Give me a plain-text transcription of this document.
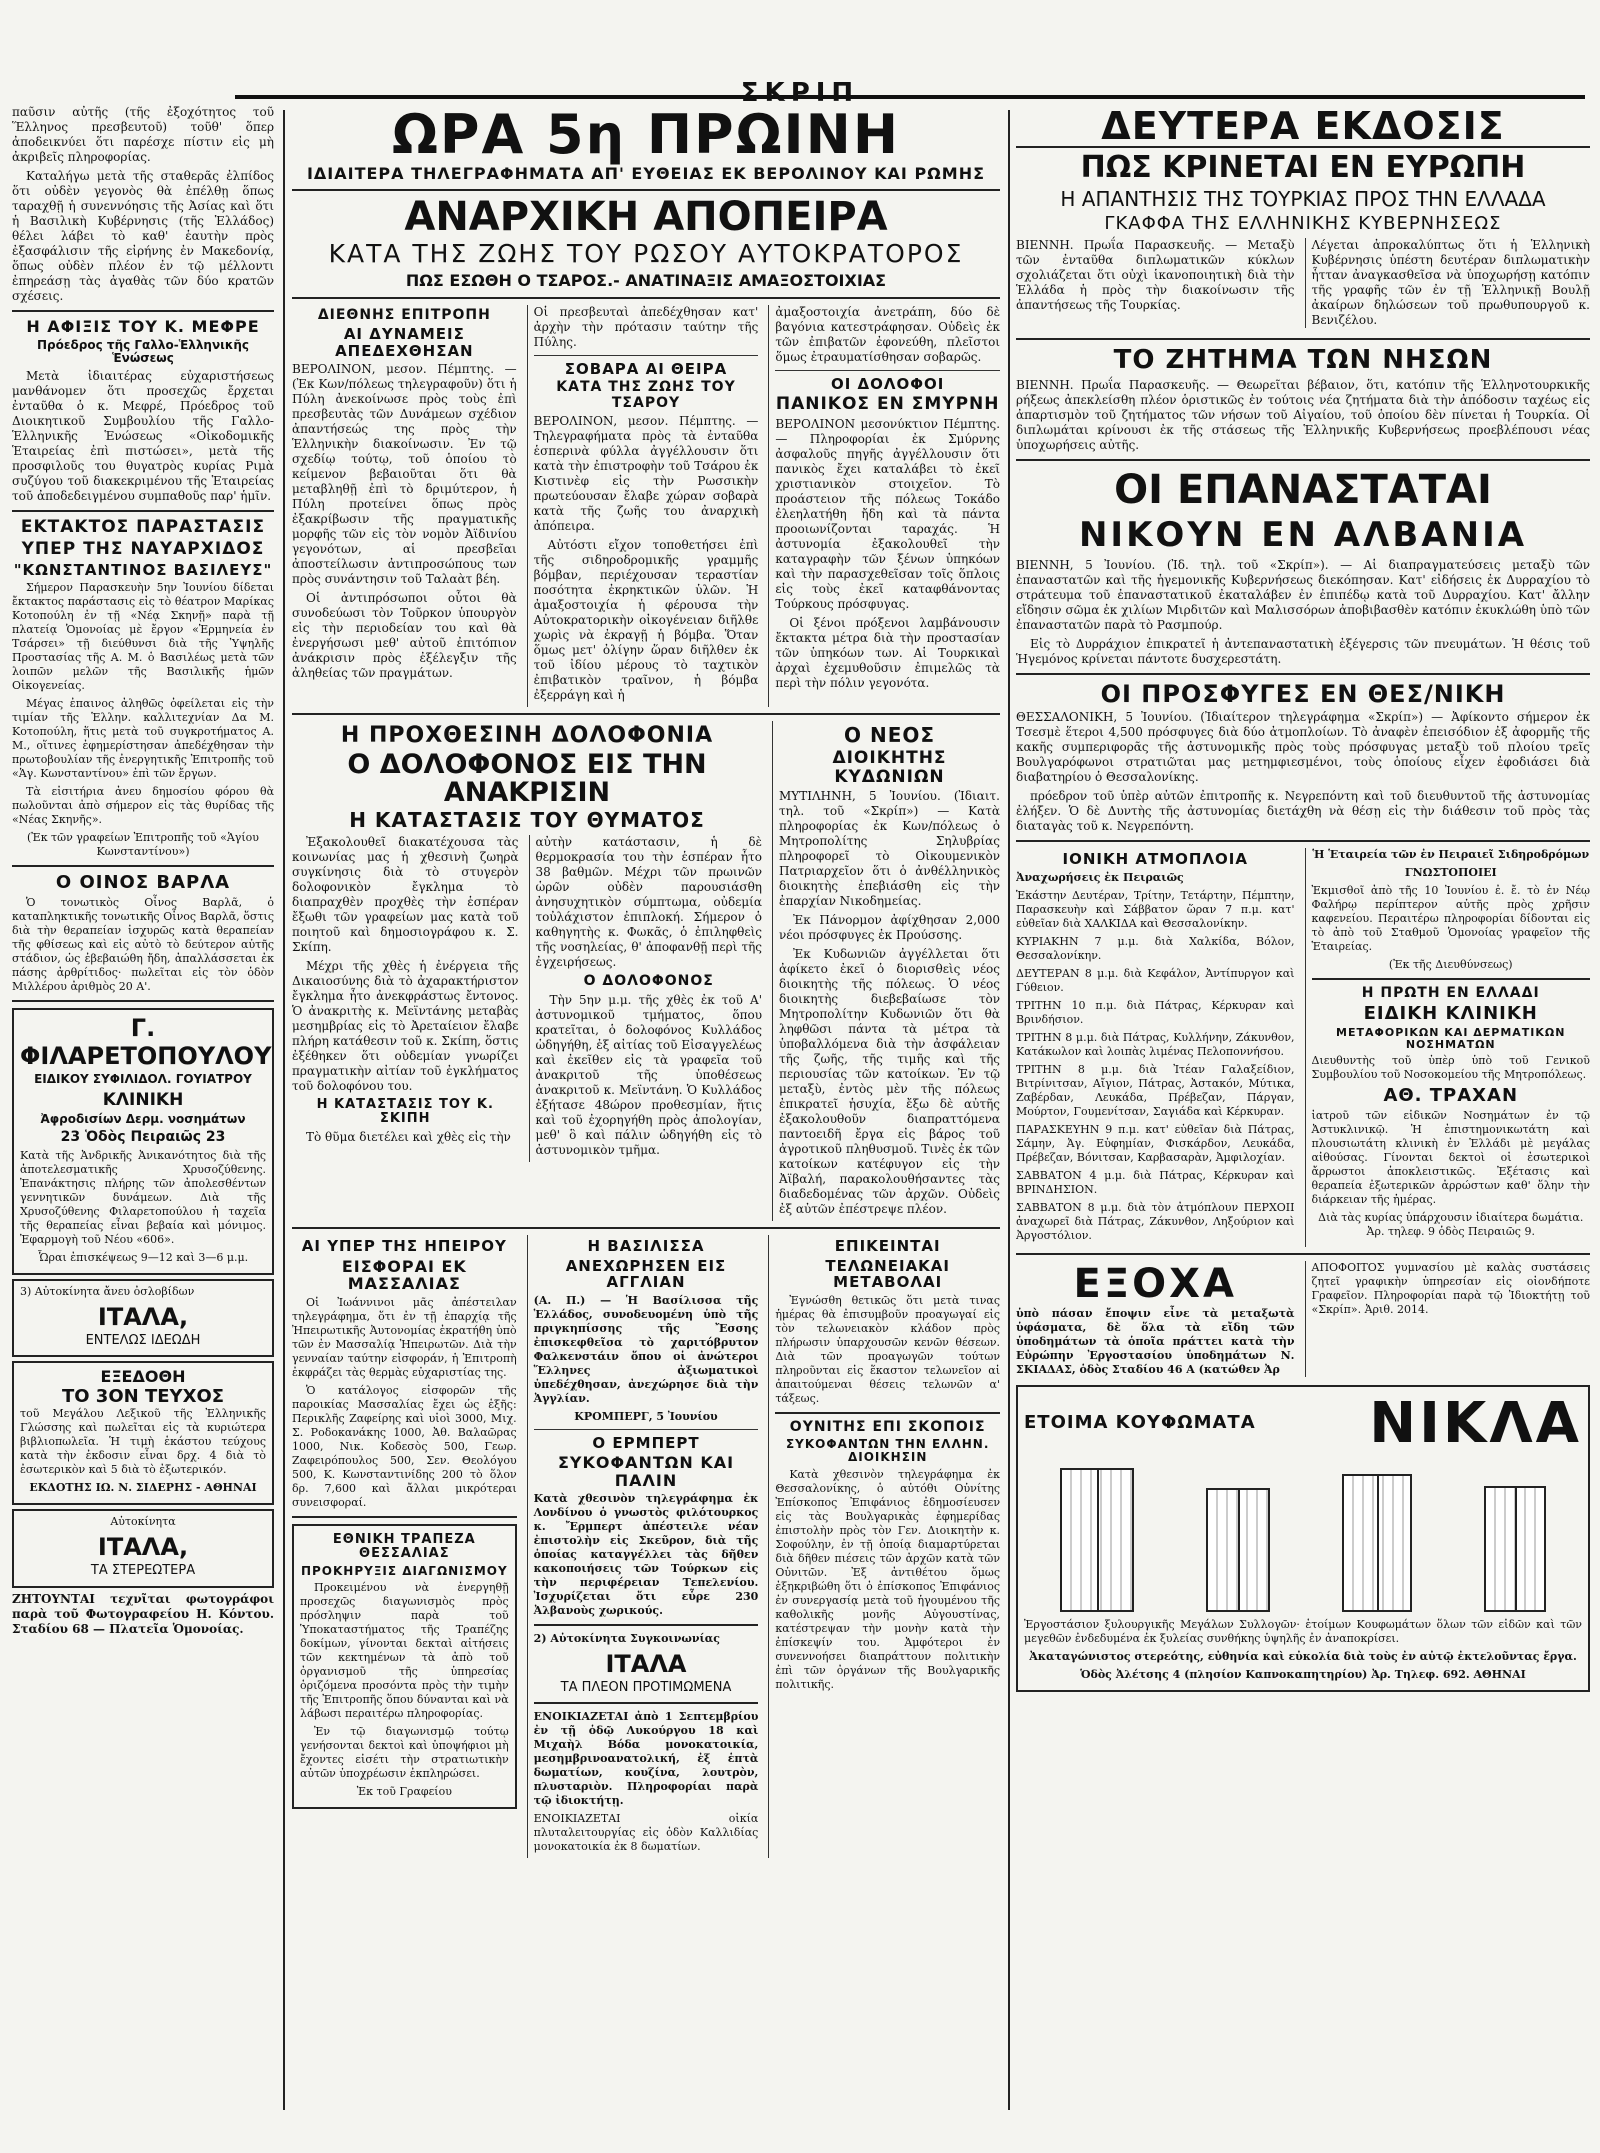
ΣΚΡΙΠ

παῦσιν αὐτῆς (τῆς ἐξοχότητος τοῦ Ἕλληνος πρεσβευτοῦ) τοῦθ' ὅπερ ἀποδεικνύει ὅτι παρέσχε πίστιν εἰς μὴ ἀκριβεῖς πληροφορίας.

Καταλήγω μετὰ τῆς σταθερᾶς ἐλπίδος ὅτι οὐδὲν γεγονὸς θὰ ἐπέλθῃ ὅπως ταραχθῇ ἡ συνεννόησις τῆς Ἀσίας καὶ ὅτι ἡ Βασιλικὴ Κυβέρνησις (τῆς Ἑλλάδος) θέλει λάβει τὸ καθ' ἑαυτὴν πρὸς ἐξασφάλισιν τῆς εἰρήνης ἐν Μακεδονίᾳ, ὅπως οὐδὲν πλέον ἐν τῷ μέλλοντι ἐπηρεάσῃ τὰς ἀγαθὰς τῶν δύο κρατῶν σχέσεις.

Η ΑΦΙΞΙΣ ΤΟΥ Κ. ΜΕΦΡΕ
Πρόεδρος τῆς Γαλλο-Ἑλληνικῆς Ἑνώσεως

Μετὰ ἰδιαιτέρας εὐχαριστήσεως μανθάνομεν ὅτι προσεχῶς ἔρχεται ἐνταῦθα ὁ κ. Μεφρέ, Πρόεδρος τοῦ Διοικητικοῦ Συμβουλίου τῆς Γαλλο-Ἑλληνικῆς Ἑνώσεως «Οἰκοδομικῆς Ἑταιρείας ἐπὶ πιστώσει», μετὰ τῆς προσφιλοῦς του θυγατρὸς κυρίας Ριμὰ συζύγου τοῦ διακεκριμένου τῆς Ἑταιρείας τοῦ ἀποδεδειγμένου συμπαθοῦς παρ' ἡμῖν.

ΕΚΤΑΚΤΟΣ ΠΑΡΑΣΤΑΣΙΣ
ΥΠΕΡ ΤΗΣ ΝΑΥΑΡΧΙΔΟΣ
"ΚΩΝΣΤΑΝΤΙΝΟΣ ΒΑΣΙΛΕΥΣ"

Σήμερον Παρασκευὴν 5ην Ἰουνίου δίδεται ἔκτακτος παράστασις εἰς τὸ θέατρον Μαρίκας Κοτοπούλη ἐν τῇ «Νέᾳ Σκηνῇ» παρὰ τῇ πλατείᾳ Ὁμονοίας μὲ ἔργον «Ἐρμηνεία ἐν Τσάρσει» τῇ διεύθυνσι διὰ τῆς Ὑψηλῆς Προστασίας τῆς Α. Μ. ὁ Βασιλέως μετὰ τῶν λοιπῶν μελῶν τῆς Βασιλικῆς ἡμῶν Οἰκογενείας.

Μέγας ἐπαινος ἀληθῶς ὀφείλεται εἰς τὴν τιμίαν τῆς Ἑλλην. καλλιτεχνίαν Δα Μ. Κοτοπούλη, ἥτις μετὰ τοῦ συγκροτήματος Α. Μ., οἵτινες ἐφημερίστησαν ἀπεδέχθησαν τὴν πρωτοβουλίαν τῆς ἐνεργητικῆς Ἐπιτροπῆς τοῦ «Ἁγ. Κωνσταντίνου» ἐπὶ τῶν ἔργων.

Τὰ εἰσιτήρια ἀνευ δημοσίου φόρου θὰ πωλοῦνται ἀπὸ σήμερον εἰς τὰς θυρίδας τῆς «Νέας Σκηνῆς».

(Ἐκ τῶν γραφείων Ἐπιτροπῆς τοῦ «Ἁγίου Κωνσταντίνου»)

Ο ΟΙΝΟΣ ΒΑΡΛΑ

Ὁ τονωτικὸς Οἶνος Βαρλᾶ, ὁ καταπληκτικῆς τονωτικῆς Οἶνος Βαρλᾶ, ὅστις διὰ τὴν θεραπείαν ἰσχυρῶς κατὰ θεραπείαν τῆς φθίσεως καὶ εἰς αὐτὸ τὸ δεύτερον αὐτῆς στάδιον, ὡς ἐβεβαιώθη ἤδη, ἀπαλλάσσεται ἐκ πάσης ἀρθρίτιδος· πωλεῖται εἰς τὸν ὁδὸν Μιλλέρου ἀριθμὸς 20 Α'.

Γ. ΦΙΛΑΡΕΤΟΠΟΥΛΟΥ
ΕΙΔΙΚΟΥ ΣΥΦΙΛΙΔΟΛ. ΓΟΥΙΑΤΡΟΥ
ΚΛΙΝΙΚΗ
Ἀφροδισίων Δερμ. νοσημάτων
23 Ὁδὸς Πειραιῶς 23

Κατὰ τῆς Ἀνδρικῆς Ἀνικανότητος διὰ τῆς ἀποτελεσματικῆς Χρυσοζύθενης. Ἐπανάκτησις πλήρης τῶν ἀπολεσθέντων γεννητικῶν δυνάμεων. Διὰ τῆς Χρυσοζύθενης Φιλαρετοπούλου ἡ ταχεῖα τῆς θεραπείας εἶναι βεβαία καὶ μόνιμος. Ἐφαρμογὴ τοῦ Νέου «606».

Ὧραι ἐπισκέψεως 9—12 καὶ 3—6 μ.μ.

3) Αὐτοκίνητα ἄνευ ὀσλοβίδων

ΙΤΑΛΑ,
ΕΝΤΕΛΩΣ ΙΔΕΩΔΗ
ΕΞΕΔΟΘΗ
ΤΟ 3ΟΝ ΤΕΥΧΟΣ

τοῦ Μεγάλου Λεξικοῦ τῆς Ἐλληνικῆς Γλώσσης καὶ πωλεῖται εἰς τὰ κυριώτερα βιβλιοπωλεῖα. Ἡ τιμὴ ἑκάστου τεύχους κατὰ τὴν ἐκδοσιν εἶναι δρχ. 4 διὰ τὸ ἐσωτερικὸν καὶ 5 διὰ τὸ ἐξωτερικόν.

ΕΚΔΟΤΗΣ ΙΩ. Ν. ΣΙΔΕΡΗΣ - ΑΘΗΝΑΙ

Αὐτοκίνητα

ΙΤΑΛΑ,
ΤΑ ΣΤΕΡΕΩΤΕΡΑ

ΖΗΤΟΥΝΤΑΙ τεχνῖται φωτογράφοι παρὰ τοῦ Φωτογραφείου Η. Κόντου. Σταδίου 68 — Πλατεῖα Ὁμονοίας.

ΩΡΑ 5η ΠΡΩΙΝΗ
ΙΔΙΑΙΤΕΡΑ ΤΗΛΕΓΡΑΦΗΜΑΤΑ ΑΠ' ΕΥΘΕΙΑΣ ΕΚ ΒΕΡΟΛΙΝΟΥ ΚΑΙ ΡΩΜΗΣ
ΑΝΑΡΧΙΚΗ ΑΠΟΠΕΙΡΑ
ΚΑΤΑ ΤΗΣ ΖΩΗΣ ΤΟΥ ΡΩΣΟΥ ΑΥΤΟΚΡΑΤΟΡΟΣ
ΠΩΣ ΕΣΩΘΗ Ο ΤΣΑΡΟΣ.- ΑΝΑΤΙΝΑΞΙΣ ΑΜΑΞΟΣΤΟΙΧΙΑΣ
ΔΙΕΘΝΗΣ ΕΠΙΤΡΟΠΗ
ΑΙ ΔΥΝΑΜΕΙΣ ΑΠΕΔΕΧΘΗΣΑΝ

ΒΕΡΟΛΙΝΟΝ, μεσον. Πέμπτης. — (Ἐκ Κων/πόλεως τηλεγραφοῦν) ὅτι ἡ Πύλη ἀνεκοίνωσε πρὸς τοὺς ἐπὶ πρεσβευτὰς τῶν Δυνάμεων σχέδιον ἀπαντήσεώς της πρὸς τὴν Ἑλληνικὴν διακοίνωσιν. Ἐν τῷ σχεδίῳ τούτῳ, τοῦ ὁποίου τὸ κείμενον βεβαιοῦται ὅτι θὰ μεταβληθῇ ἐπὶ τὸ δριμύτερον, ἡ Πύλη προτείνει ὅπως πρὸς ἐξακρίβωσιν τῆς πραγματικῆς μορφῆς τῶν εἰς τὸν νομὸν Ἀϊδινίου γεγονότων, αἱ πρεσβεῖαι ἀποστείλωσιν ἀντιπροσώπους των πρὸς συνάντησιν τοῦ Ταλαὰτ βέη.

Οἱ ἀντιπρόσωποι οὗτοι θὰ συνοδεύωσι τὸν Τοῦρκον ὑπουργὸν εἰς τὴν περιοδείαν του καὶ θὰ ἐνεργήσωσι μεθ' αὐτοῦ ἐπιτόπιον ἀνάκρισιν πρὸς ἐξέλεγξιν τῆς ἀληθείας τῶν πραγμάτων.

Οἱ πρεσβευταὶ ἀπεδέχθησαν κατ' ἀρχὴν τὴν πρότασιν ταύτην τῆς Πύλης.

ΣΟΒΑΡΑ ΑΙ ΘΕΙΡΑ
ΚΑΤΑ ΤΗΣ ΖΩΗΣ ΤΟΥ ΤΣΑΡΟΥ

ΒΕΡΟΛΙΝΟΝ, μεσον. Πέμπτης. — Τηλεγραφήματα πρὸς τὰ ἐνταῦθα ἑσπερινὰ φύλλα ἀγγέλλουσιν ὅτι κατὰ τὴν ἐπιστροφὴν τοῦ Τσάρου ἐκ Κιστινὲφ εἰς τὴν Ρωσσικὴν πρωτεύουσαν ἔλαβε χώραν σοβαρὰ κατὰ τῆς ζωῆς του ἀναρχικὴ ἀπόπειρα.

Αὐτόστι εἴχον τοποθετήσει ἐπὶ τῆς σιδηροδρομικῆς γραμμῆς βόμβαν, περιέχουσαν τεραστίαν ποσότητα ἐκρηκτικῶν ὑλῶν. Ἡ ἀμαξοστοιχία ἡ φέρουσα τὴν Αὐτοκρατορικὴν οἰκογένειαν διῆλθε χωρὶς νὰ ἐκραγῇ ἡ βόμβα. Ὅταν ὅμως μετ' ὀλίγην ὥραν διῆλθεν ἐκ τοῦ ἰδίου μέρους τὸ ταχτικὸν ἐπιβατικὸν τραῖνον, ἡ βόμβα ἐξερράγη καὶ ἡ

ἀμαξοστοιχία ἀνετράπη, δύο δὲ βαγόνια κατεστράφησαν. Οὐδεὶς ἐκ τῶν ἐπιβατῶν ἐφονεύθη, πλεῖστοι ὅμως ἐτραυματίσθησαν σοβαρῶς.

ΟΙ ΔΟΛΟΦΟΙ
ΠΑΝΙΚΟΣ ΕΝ ΣΜΥΡΝΗ

ΒΕΡΟΛΙΝΟΝ μεσονύκτιον Πέμπτης. — Πληροφορίαι ἐκ Σμύρνης ἀσφαλοῦς πηγῆς ἀγγέλλουσιν ὅτι πανικὸς ἔχει καταλάβει τὸ ἐκεῖ χριστιανικὸν στοιχεῖον. Τὸ προάστειον τῆς πόλεως Τοκάδο ἐλεηλατήθη ἤδη καὶ τὰ πάντα προοιωνίζονται ταραχάς. Ἡ ἀστυνομία ἐξακολουθεῖ τὴν καταγραφὴν τῶν ξένων ὑπηκόων καὶ τὴν παρασχεθεῖσαν τοῖς ὅπλοις εἰς τοὺς ἐκεῖ καταφθάνοντας Τούρκους πρόσφυγας.

Οἱ ξένοι πρόξενοι λαμβάνουσιν ἔκτακτα μέτρα διὰ τὴν προστασίαν τῶν ὑπηκόων των. Αἱ Τουρκικαὶ ἀρχαὶ ἐχεμυθοῦσιν ἐπιμελῶς τὰ περὶ τὴν πόλιν γεγονότα.

Η ΠΡΟΧΘΕΣΙΝΗ ΔΟΛΟΦΟΝΙΑ
Ο ΔΟΛΟΦΟΝΟΣ ΕΙΣ ΤΗΝ ΑΝΑΚΡΙΣΙΝ
Η ΚΑΤΑΣΤΑΣΙΣ ΤΟΥ ΘΥΜΑΤΟΣ

Ἐξακολουθεῖ διακατέχουσα τὰς κοινωνίας μας ἡ χθεσινὴ ζωηρὰ συγκίνησις διὰ τὸ στυγερὸν δολοφονικὸν ἔγκλημα τὸ διαπραχθὲν προχθὲς τὴν ἑσπέραν ἔξωθι τῶν γραφείων μας κατὰ τοῦ ποιητοῦ καὶ δημοσιογράφου κ. Σ. Σκίπη.

Μέχρι τῆς χθὲς ἡ ἐνέργεια τῆς Δικαιοσύνης διὰ τὸ ἀχαρακτήριστον ἔγκλημα ἦτο ἀνεκφράστως ἔντονος. Ὁ ἀνακριτὴς κ. Μεϊντάνης μεταβὰς μεσημβρίας εἰς τὸ Ἀρεταίειον ἔλαβε πλήρη κατάθεσιν τοῦ κ. Σκίπη, ὅστις ἐξέθηκεν ὅτι οὐδεμίαν γνωρίζει πραγματικὴν αἰτίαν τοῦ ἐγκλήματος τοῦ δολοφόνου του.

Η ΚΑΤΑΣΤΑΣΙΣ ΤΟΥ Κ. ΣΚΙΠΗ

Τὸ θῦμα διετέλει καὶ χθὲς εἰς τὴν

αὐτὴν κατάστασιν, ἡ δὲ θερμοκρασία του τὴν ἑσπέραν ἦτο 38 βαθμῶν. Μέχρι τῶν πρωινῶν ὡρῶν οὐδὲν παρουσιάσθη ἀνησυχητικὸν σύμπτωμα, οὐδεμία τοὐλάχιστον ἐπιπλοκή. Σήμερον ὁ καθηγητὴς κ. Φωκᾶς, ὁ ἐπιληφθεὶς τῆς νοσηλείας, θ' ἀποφανθῇ περὶ τῆς ἐγχειρήσεως.

Ο ΔΟΛΟΦΟΝΟΣ

Τὴν 5ην μ.μ. τῆς χθὲς ἐκ τοῦ Α' ἀστυνομικοῦ τμήματος, ὅπου κρατεῖται, ὁ δολοφόνος Κυλλάδος ὡδηγήθη, ἐξ αἰτίας τοῦ Εἰσαγγελέως καὶ ἐκεῖθεν εἰς τὰ γραφεῖα τοῦ ἀνακριτοῦ τῆς ὑποθέσεως ἀνακριτοῦ κ. Μεϊντάνη. Ὁ Κυλλάδος ἐξήτασε 48ώρον προθεσμίαν, ἥτις καὶ τοῦ ἐχορηγήθη πρὸς ἀπολογίαν, μεθ' ὃ καὶ πάλιν ὡδηγήθη εἰς τὸ ἀστυνομικὸν τμῆμα.

Ο ΝΕΟΣ
ΔΙΟΙΚΗΤΗΣ ΚΥΔΩΝΙΩΝ

ΜΥΤΙΛΗΝΗ, 5 Ἰουνίου. (Ἰδιαιτ. τηλ. τοῦ «Σκρίπ») — Κατὰ πληροφορίας ἐκ Κων/πόλεως ὁ Μητροπολίτης Σηλυβρίας πληροφορεῖ τὸ Οἰκουμενικὸν Πατριαρχεῖον ὅτι ὁ ἀνθέλληνικὸς διοικητὴς ἐπεβιάσθη εἰς τὴν ἐπαρχίαν Νικοδημείας.

Ἐκ Πάνορμον ἀφίχθησαν 2,000 νέοι πρόσφυγες ἐκ Προύσσης.

Ἐκ Κυδωνιῶν ἀγγέλλεται ὅτι ἀφίκετο ἐκεῖ ὁ διορισθεὶς νέος διοικητὴς τῆς πόλεως. Ὁ νέος διοικητὴς διεβεβαίωσε τὸν Μητροπολίτην Κυδωνιῶν ὅτι θὰ ληφθῶσι πάντα τὰ μέτρα τὰ ὑποβαλλόμενα διὰ τὴν ἀσφάλειαν τῆς ζωῆς, τῆς τιμῆς καὶ τῆς περιουσίας τῶν κατοίκων. Ἐν τῷ μεταξὺ, ἐντὸς μὲν τῆς πόλεως ἐπικρατεῖ ἡσυχία, ἔξω δὲ αὐτῆς ἐξακολουθοῦν διαπραττόμενα παντοειδῆ ἔργα εἰς βάρος τοῦ ἀγροτικοῦ πληθυσμοῦ. Τινὲς ἐκ τῶν κατοίκων κατέφυγον εἰς τὴν Ἀϊβαλή, παρακολουθήσαντες τὰς διαδεδομένας τῶν ἀρχῶν. Οὐδεὶς ἐξ αὐτῶν ἐπέστρεψε πλέον.

ΑΙ ΥΠΕΡ ΤΗΣ ΗΠΕΙΡΟΥ
ΕΙΣΦΟΡΑΙ ΕΚ ΜΑΣΣΑΛΙΑΣ

Οἱ Ἰωάννινοι μᾶς ἀπέστειλαν τηλεγράφημα, ὅτι ἐν τῇ ἐπαρχίᾳ τῆς Ἠπειρωτικῆς Ἀυτονομίας ἐκρατήθη ὑπὸ τῶν ἐν Μασσαλίᾳ Ἠπειρωτῶν. Διὰ τὴν γενναίαν ταύτην εἰσφοράν, ἡ Ἐπιτροπὴ ἐκφράζει τὰς θερμὰς εὐχαριστίας της.

Ὁ κατάλογος εἰσφορῶν τῆς παροικίας Μασσαλίας ἔχει ὡς ἑξῆς: Περικλῆς Ζαφείρης καὶ υἱοὶ 3000, Μιχ. Σ. Ροδοκανάκης 1000, Ἀθ. Βαλαῶρας 1000, Νικ. Κοδεσὸς 500, Γεωρ. Ζαφειρόπουλος 500, Σεν. Θεολόγου 500, Κ. Κωνσταντινίδης 200 τὸ ὅλον δρ. 7,600 καὶ ἄλλαι μικρότεραι συνεισφοραί.

ΕΘΝΙΚΗ ΤΡΑΠΕΖΑ ΘΕΣΣΑΛΙΑΣ
ΠΡΟΚΗΡΥΞΙΣ ΔΙΑΓΩΝΙΣΜΟΥ

Προκειμένου νὰ ἐνεργηθῇ προσεχῶς διαγωνισμὸς πρὸς πρόσληψιν παρὰ τοῦ Ὑποκαταστήματος τῆς Τραπέζης δοκίμων, γίνονται δεκταὶ αἰτήσεις τῶν κεκτημένων τὰ ἀπὸ τοῦ ὀργανισμοῦ τῆς ὑπηρεσίας ὁριζόμενα προσόντα πρὸς τὴν τιμὴν τῆς Ἐπιτροπῆς ὅπου δύνανται καὶ νὰ λάβωσι περαιτέρω πληροφορίας.

Ἐν τῷ διαγωνισμῷ τούτῳ γενήσονται δεκτοὶ καὶ ὑποψήφιοι μὴ ἔχοντες εἰσέτι τὴν στρατιωτικὴν αὐτῶν ὑποχρέωσιν ἐκπληρώσει.

Ἐκ τοῦ Γραφείου

Η ΒΑΣΙΛΙΣΣΑ
ΑΝΕΧΩΡΗΣΕΝ ΕΙΣ ΑΓΓΛΙΑΝ

(Α. Π.) — Ἡ Βασίλισσα τῆς Ἑλλάδος, συνοδευομένη ὑπὸ τῆς πριγκηπίσσης τῆς Ἔσσης ἐπισκεφθεῖσα τὸ χαριτόβρυτον Φαλκενστάιν ὅπου οἱ ἀνώτεροι Ἕλληνες ἀξιωματικοὶ ὑπεδέχθησαν, ἀνεχώρησε διὰ τὴν Ἀγγλίαν.

ΚΡΟΜΠΕΡΓ, 5 Ἰουνίου

Ο ΕΡΜΠΕΡΤ
ΣΥΚΟΦΑΝΤΩΝ ΚΑΙ ΠΑΛΙΝ

Κατὰ χθεσινὸν τηλεγράφημα ἐκ Λονδίνου ὁ γνωστὸς φιλότουρκος κ. Ἔρμπερτ ἀπέστειλε νέαν ἐπιστολὴν εἰς Σκεῦρον, διὰ τῆς ὁποίας καταγγέλλει τὰς δῆθεν κακοποιήσεις τῶν Τούρκων εἰς τὴν περιφέρειαν Τεπελενίου. Ἰσχυρίζεται ὅτι εὗρε 230 Ἀλβανοὺς χωρικούς.

2) Αὐτοκίνητα Συγκοινωνίας

ΙΤΑΛΑ
ΤΑ ΠΛΕΟΝ ΠΡΟΤΙΜΩΜΕΝΑ

ΕΝΟΙΚΙΑΖΕΤΑΙ ἀπὸ 1 Σεπτεμβρίου ἐν τῇ ὁδῷ Λυκούργου 18 καὶ Μιχαὴλ Βόδα μονοκατοικία, μεσημβρινοανατολική, ἐξ ἑπτὰ δωματίων, κουζίνα, λουτρὸν, πλυσταριὸν. Πληροφορίαι παρὰ τῷ ἰδιοκτήτῃ.

ΕΝΟΙΚΙΑΖΕΤΑΙ οἰκία πλυταλειτουργίας εἰς ὁδὸν Καλλιδίας μονοκατοικία ἐκ 8 δωματίων.

ΕΠΙΚΕΙΝΤΑΙ
ΤΕΛΩΝΕΙΑΚΑΙ ΜΕΤΑΒΟΛΑΙ

Ἐγνώσθη θετικῶς ὅτι μετὰ τινας ἡμέρας θὰ ἐπισυμβοῦν προαγωγαί εἰς τὸν τελωνειακὸν κλάδον πρὸς πλήρωσιν ὑπαρχουσῶν κενῶν θέσεων. Διὰ τῶν προαγωγῶν τούτων πληροῦνται εἰς ἕκαστον τελωνεῖον αἱ ἀπαιτούμεναι θέσεις τελωνῶν α' τάξεως.

ΟΥΝΙΤΗΣ ΕΠΙ ΣΚΟΠΟΙΣ
ΣΥΚΟΦΑΝΤΩΝ ΤΗΝ ΕΛΛΗΝ. ΔΙΟΙΚΗΣΙΝ

Κατὰ χθεσινὸν τηλεγράφημα ἐκ Θεσσαλονίκης, ὁ αὐτόθι Οὐνίτης Ἐπίσκοπος Ἐπιφάνιος ἐδημοσίευσεν εἰς τὰς Βουλγαρικὰς ἐφημερίδας ἐπιστολὴν πρὸς τὸν Γεν. Διοικητὴν κ. Σοφούλην, ἐν τῇ ὁποίᾳ διαμαρτύρεται διὰ δῆθεν πιέσεις τῶν ἀρχῶν κατὰ τῶν Οὐνιτῶν. Ἐξ ἀντιθέτου ὅμως ἐξηκριβώθη ὅτι ὁ ἐπίσκοπος Ἐπιφάνιος ἐν συνεργασίᾳ μετὰ τοῦ ἡγουμένου τῆς καθολικῆς μονῆς Αὐγουστίνας, κατέστρεψαν τὴν μονὴν κατὰ τὴν ἐπίσκεψίν του. Ἀμφότεροι ἐν συνεννοήσει διαπράττουν πολιτικὴν ἐπὶ τῶν ὀργάνων τῆς Βουλγαρικῆς πολιτικῆς.

ΔΕΥΤΕΡΑ ΕΚΔΟΣΙΣ
ΠΩΣ ΚΡΙΝΕΤΑΙ ΕΝ ΕΥΡΩΠΗ
Η ΑΠΑΝΤΗΣΙΣ ΤΗΣ ΤΟΥΡΚΙΑΣ ΠΡΟΣ ΤΗΝ ΕΛΛΑΔΑ
ΓΚΑΦΦΑ ΤΗΣ ΕΛΛΗΝΙΚΗΣ ΚΥΒΕΡΝΗΣΕΩΣ

ΒΙΕΝΝΗ. Πρωΐα Παρασκευῆς. — Μεταξὺ τῶν ἐνταῦθα διπλωματικῶν κύκλων σχολιάζεται ὅτι οὐχὶ ἱκανοποιητικὴ διὰ τὴν Ἑλλάδα ἡ πρὸς τὴν διακοίνωσιν τῆς ἀπαντήσεως τῆς Τουρκίας.

Λέγεται ἀπροκαλύπτως ὅτι ἡ Ἑλληνικὴ Κυβέρνησις ὑπέστη δευτέραν διπλωματικὴν ἧτταν ἀναγκασθεῖσα νὰ ὑποχωρήσῃ κατόπιν τῆς γραφῆς τῶν ἐν τῇ Ἑλληνικῇ Βουλῇ ἀκαίρων δηλώσεων τοῦ πρωθυπουργοῦ κ. Βενιζέλου.

ΤΟ ΖΗΤΗΜΑ ΤΩΝ ΝΗΣΩΝ

ΒΙΕΝΝΗ. Πρωΐα Παρασκευῆς. — Θεωρεῖται βέβαιον, ὅτι, κατόπιν τῆς Ἑλληνοτουρκικῆς ρήξεως ἀπεκλείσθη πλέον ὁριστικῶς ἐν τούτοις νέα ζητήματα διὰ τὴν ἀπόδοσιν ταχέως εἰς ἀπαρτισμὸν τοῦ ζητήματος τῶν νήσων τοῦ Αἰγαίου, τοῦ ὁποίου δὲν πίνεται ἡ Τουρκία. Οἱ διπλωμάται κρίνουσι ἐκ τῆς στάσεως τῆς Ἑλληνικῆς Κυβερνήσεως προεβλέπουσι νέας ὑποχωρήσεις αὐτῆς.

ΟΙ ΕΠΑΝΑΣΤΑΤΑΙ
ΝΙΚΟΥΝ ΕΝ ΑΛΒΑΝΙΑ

ΒΙΕΝΝΗ, 5 Ἰουνίου. (Ἰδ. τηλ. τοῦ «Σκρίπ»). — Αἱ διαπραγματεύσεις μεταξὺ τῶν ἐπαναστατῶν καὶ τῆς ἡγεμονικῆς Κυβερνήσεως διεκόπησαν. Κατ' εἰδήσεις ἐκ Δυρραχίου τὸ στράτευμα τοῦ ἐπαναστατικοῦ ἐκαταλάβεν ἐν ἐπιπέδῳ κατὰ τοῦ Δυρραχίου. Κατ' ἄλλην εἴδησιν σῶμα ἐκ χιλίων Μιρδιτῶν καὶ Μαλισσόρων ἀποβιβασθὲν κατόπιν ἐκυκλώθη ὑπὸ τῶν ἐπαναστατῶν παρὰ τὸ Ρασμπούρ.

Εἰς τὸ Δυρράχιον ἐπικρατεῖ ἡ ἀντεπαναστατικὴ ἐξέγερσις τῶν πνευμάτων. Ἡ θέσις τοῦ Ἡγεμόνος κρίνεται πάντοτε δυσχερεστάτη.

ΟΙ ΠΡΟΣΦΥΓΕΣ ΕΝ ΘΕΣ/ΝΙΚΗ

ΘΕΣΣΑΛΟΝΙΚΗ, 5 Ἰουνίου. (Ἰδιαίτερον τηλεγράφημα «Σκρίπ») — Ἀφίκοντο σήμερον ἐκ Τσεσμὲ ἕτεροι 4,500 πρόσφυγες διὰ δύο ἀτμοπλοίων. Τὸ ἀναφὲν ἐπεισόδιον ἐξ ἀφορμῆς τῆς κακῆς συμπεριφορᾶς τῆς ἀστυνομικῆς πρὸς τοὺς πρόσφυγας μεταξὺ τοῦ πλοίου τρεῖς Βουλγαρόφωνοι στρατιῶται μας μετημφιεσμένοι, τοὺς ὁποίους εἶχεν ἐφοδιάσει διὰ διαβατηρίου ὁ Θεσσαλονίκης.

πρόεδρον τοῦ ὑπὲρ αὐτῶν ἐπιτροπῆς κ. Νεγρεπόντη καὶ τοῦ διευθυντοῦ τῆς ἀστυνομίας ἐλήξεν. Ὁ δὲ Δυντὴς τῆς ἀστυνομίας διετάχθη νὰ θέσῃ εἰς τὴν διάθεσιν τοῦ πρὸς τὰς διαταγὰς τοῦ κ. Νεγρεπόντη.

ΙΟΝΙΚΗ ΑΤΜΟΠΛΟΙΑ

Ἀναχωρήσεις ἐκ Πειραιῶς

Ἑκάστην Δευτέραν, Τρίτην, Τετάρτην, Πέμπτην, Παρασκευὴν καὶ Σάββατον ὥραν 7 π.μ. κατ' εὐθεῖαν διὰ ΧΑΛΚΙΔΑ καὶ Θεσσαλονίκην.

ΚΥΡΙΑΚΗΝ 7 μ.μ. διὰ Χαλκίδα, Βόλον, Θεσσαλονίκην.

ΔΕΥΤΕΡΑΝ 8 μ.μ. διὰ Κεφάλον, Ἀντίπυργον καὶ Γύθειον.

ΤΡΙΤΗΝ 10 π.μ. διὰ Πάτρας, Κέρκυραν καὶ Βρινδήσιον.

ΤΡΙΤΗΝ 8 μ.μ. διὰ Πάτρας, Κυλλήνην, Ζάκυνθον, Κατάκωλον καὶ λοιπὰς λιμένας Πελοποννήσου.

ΤΡΙΤΗΝ 8 μ.μ. διὰ Ἰτέαν Γαλαξείδιον, Βιτρίνιτσαν, Αἴγιον, Πάτρας, Ἀστακόν, Μύτικα, Ζαβέρδαν, Λευκάδα, Πρέβεζαν, Πάργαν, Μούρτον, Γουμενίτσαν, Σαγιάδα καὶ Κέρκυραν.

ΠΑΡΑΣΚΕΥΗΝ 9 π.μ. κατ' εὐθεῖαν διὰ Πάτρας, Σάμην, Ἀγ. Εὐφημίαν, Φισκάρδον, Λευκάδα, Πρέβεζαν, Βόνιτσαν, Καρβασαρὰν, Ἀμφιλοχίαν.

ΣΑΒΒΑΤΟΝ 4 μ.μ. διὰ Πάτρας, Κέρκυραν καὶ ΒΡΙΝΔΗΣΙΟΝ.

ΣΑΒΒΑΤΟΝ 8 μ.μ. διὰ τὸν ἀτμόπλουν ΠΕΡΧΟΙΙ ἀναχωρεῖ διὰ Πάτρας, Ζάκυνθον, Ληξούριον καὶ Ἀργοστόλιον.

Ἡ Ἑταιρεία τῶν ἐν Πειραιεῖ Σιδηροδρόμων

ΓΝΩΣΤΟΠΟΙΕΙ

Ἐκμισθοῖ ἀπὸ τῆς 10 Ἰουνίου ἐ. ἔ. τὸ ἐν Νέῳ Φαλήρῳ περίπτερον αὐτῆς πρὸς χρῆσιν καφενείου. Περαιτέρω πληροφορίαι δίδονται εἰς τὸ ἀπὸ τοῦ Σταθμοῦ Ὁμονοίας γραφεῖον τῆς Ἑταιρείας.

(Ἐκ τῆς Διευθύνσεως)

Η ΠΡΩΤΗ ΕΝ ΕΛΛΑΔΙ
ΕΙΔΙΚΗ ΚΛΙΝΙΚΗ
ΜΕΤΑΦΟΡΙΚΩΝ ΚΑΙ ΔΕΡΜΑΤΙΚΩΝ ΝΟΣΗΜΑΤΩΝ

Διευθυντὴς τοῦ ὑπὲρ ὑπὸ τοῦ Γενικοῦ Συμβουλίου τοῦ Νοσοκομείου τῆς Μητροπόλεως.

ΑΘ. ΤΡΑΧΑΝ

ἰατροῦ τῶν εἰδικῶν Νοσημάτων ἐν τῷ Ἀστυκλινικῷ. Ἡ ἐπιστημονικωτάτη καὶ πλουσιωτάτη κλινικὴ ἐν Ἑλλάδι μὲ μεγάλας αἰθούσας. Γίνονται δεκτοὶ οἱ ἐσωτερικοὶ ἄρρωστοι ἀποκλειστικῶς. Ἐξέτασις καὶ θεραπεία ἐξωτερικῶν ἀρρώστων καθ' ὅλην τὴν διάρκειαν τῆς ἡμέρας.

Διὰ τὰς κυρίας ὑπάρχουσιν ἰδιαίτερα δωμάτια. Ἀρ. τηλεφ. 9 ὁδὸς Πειραιῶς 9.

ΕΞΟΧΑ

ὑπὸ πάσαν ἔποψιν εἶνε τὰ μεταξωτὰ ὑφάσματα, δὲ ὅλα τὰ εἴδη τῶν ὑποδημάτων τὰ ὁποῖα πράττει κατὰ τὴν Εὐρώπην Ἐργοστασίου ὑποδημάτων Ν. ΣΚΙΑΔΑΣ, ὁδὸς Σταδίου 46 Α (κατώθεν Ἀρ

ΑΠΟΦΟΙΤΟΣ γυμνασίου μὲ καλὰς συστάσεις ζητεῖ γραφικὴν ὑπηρεσίαν εἰς οἱονδήποτε Γραφεῖον. Πληροφορίαι παρὰ τῷ Ἰδιοκτήτῃ τοῦ «Σκρίπ». Ἀριθ. 2014.

ΕΤΟΙΜΑ ΚΟΥΦΩΜΑΤΑ ΝΙΚΛΑ

Ἐργοστάσιον ξυλουργικῆς Μεγάλων Συλλογῶν· ἑτοίμων Κουφωμάτων ὅλων τῶν εἰδῶν καὶ τῶν μεγεθῶν ἐνδεδυμένα ἐκ ξυλείας συνθήκης ὑψηλῆς ἐν ἀναποκρίσει.

Ἀκαταγώνιστος στερεότης, εὐθηνία καὶ εὐκολία διὰ τοὺς ἐν αὐτῷ ἐκτελοῦντας ἔργα.

Ὁδὸς Ἀλέτσης 4 (πλησίον Καπνοκαπητηρίου) Ἀρ. Τηλεφ. 692. ΑΘΗΝΑΙ
